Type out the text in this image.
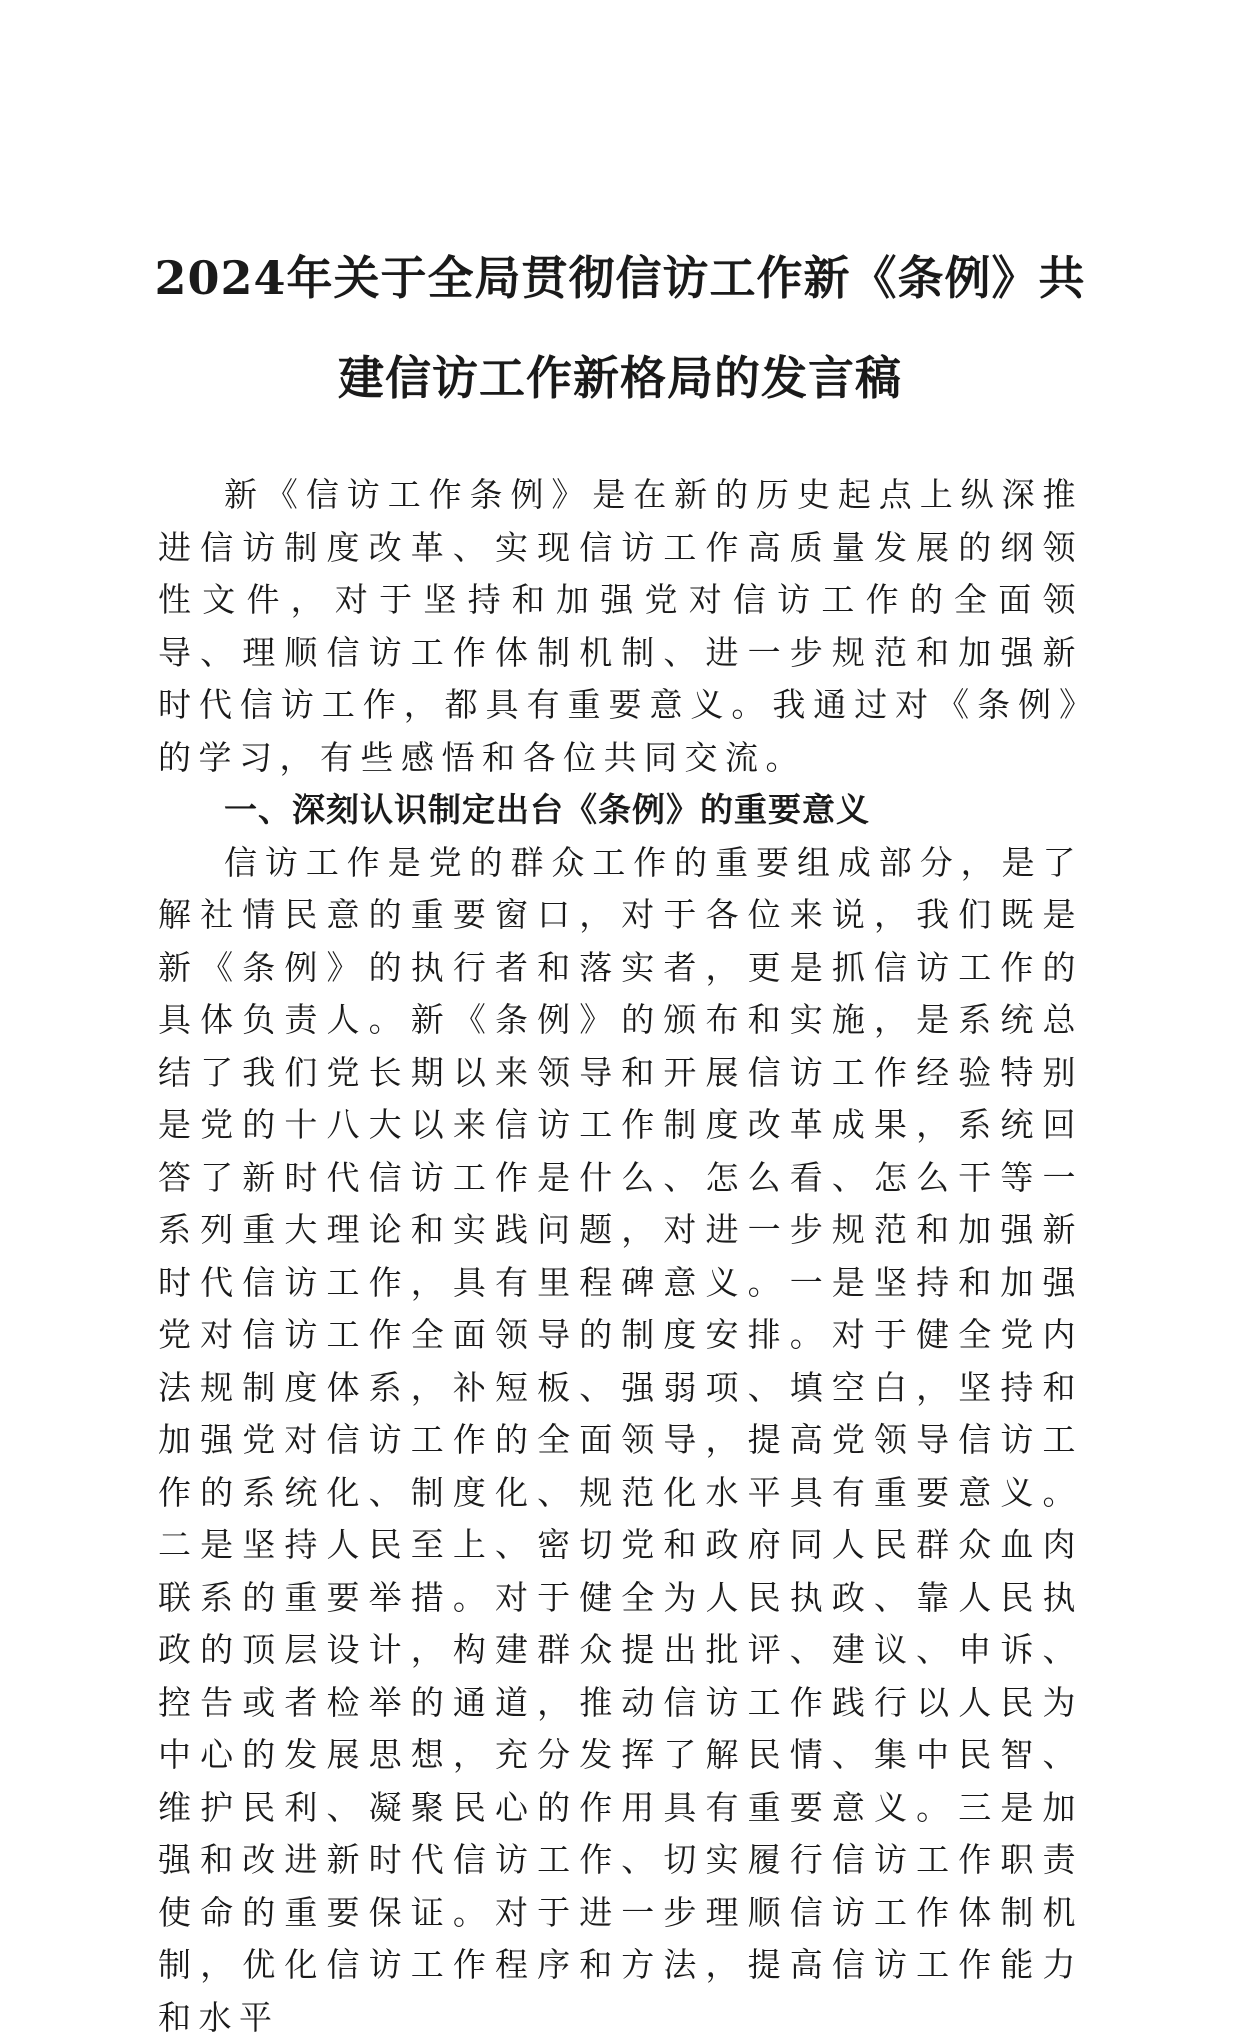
2024年关于全局贯彻信访工作新《条例》共
建信访工作新格局的发言稿

新《信访工作条例》是在新的历史起点上纵深推进信访制度改革、实现信访工作高质量发展的纲领性文件，对于坚持和加强党对信访工作的全面领导、理顺信访工作体制机制、进一步规范和加强新时代信访工作，都具有重要意义。我通过对《条例》的学习，有些感悟和各位共同交流。

一、深刻认识制定出台《条例》的重要意义

信访工作是党的群众工作的重要组成部分，是了解社情民意的重要窗口，对于各位来说，我们既是新《条例》的执行者和落实者，更是抓信访工作的具体负责人。新《条例》的颁布和实施，是系统总结了我们党长期以来领导和开展信访工作经验特别是党的十八大以来信访工作制度改革成果，系统回答了新时代信访工作是什么、怎么看、怎么干等一系列重大理论和实践问题，对进一步规范和加强新时代信访工作，具有里程碑意义。一是坚持和加强党对信访工作全面领导的制度安排。对于健全党内法规制度体系，补短板、强弱项、填空白，坚持和加强党对信访工作的全面领导，提高党领导信访工作的系统化、制度化、规范化水平具有重要意义。二是坚持人民至上、密切党和政府同人民群众血肉联系的重要举措。对于健全为人民执政、靠人民执政的顶层设计，构建群众提出批评、建议、申诉、控告或者检举的通道，推动信访工作践行以人民为中心的发展思想，充分发挥了解民情、集中民智、维护民利、凝聚民心的作用具有重要意义。三是加强和改进新时代信访工作、切实履行信访工作职责使命的重要保证。对于进一步理顺信访工作体制机制，优化信访工作程序和方法，提高信访工作能力和水平
